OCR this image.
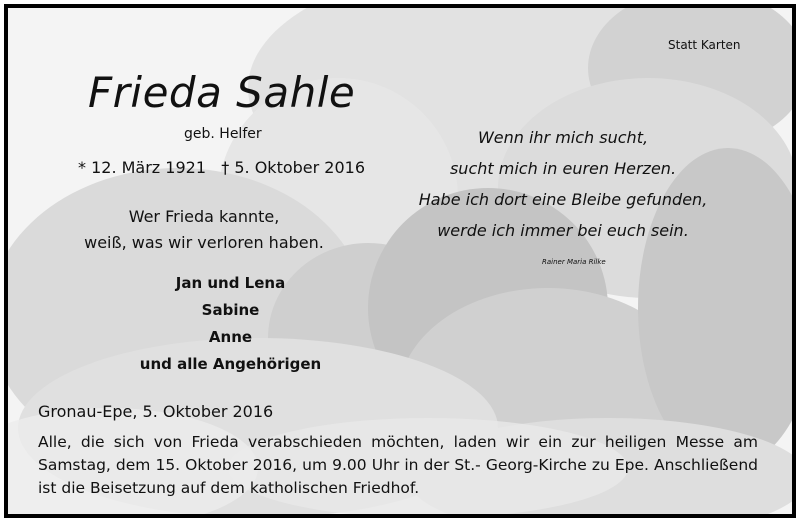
Statt Karten
Frieda Sahle
geb. Helfer
* 12. März 1921   † 5. Oktober 2016
Wer Frieda kannte,
weiß, was wir verloren haben.
Jan und Lena
Sabine
Anne
und alle Angehörigen
Wenn ihr mich sucht,
sucht mich in euren Herzen.
Habe ich dort eine Bleibe gefunden,
werde ich immer bei euch sein.
Rainer Maria Rilke
Gronau-Epe, 5. Oktober 2016
Alle, die sich von Frieda verabschieden möchten, laden wir ein zur heiligen Messe am Samstag, dem 15. Oktober 2016, um 9.00 Uhr in der St.- Georg-Kirche zu Epe. Anschließend ist die Beisetzung auf dem katholischen Friedhof.
